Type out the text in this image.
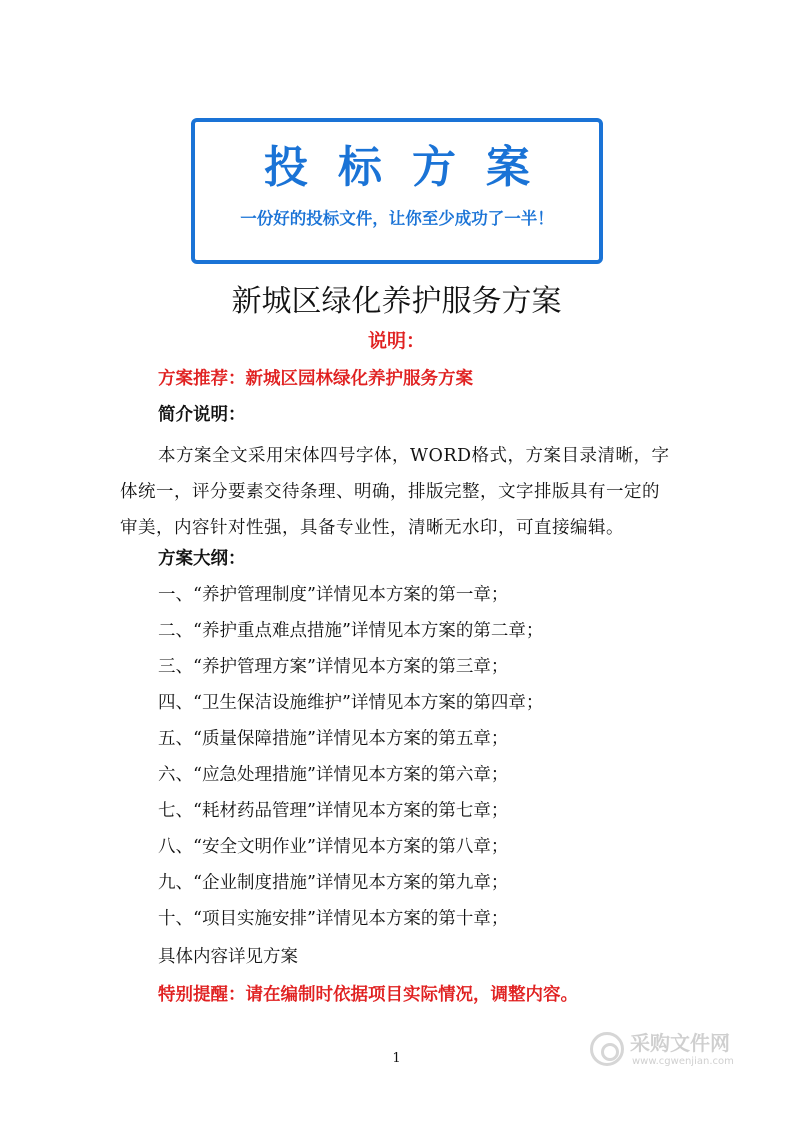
投标方案
一份好的投标文件，让你至少成功了一半！
新城区绿化养护服务方案
说明：
方案推荐：新城区园林绿化养护服务方案
简介说明：
本方案全文采用宋体四号字体，WORD格式，方案目录清晰，字体统一，评分要素交待条理、明确，排版完整，文字排版具有一定的审美，内容针对性强，具备专业性，清晰无水印，可直接编辑。
方案大纲：
一、“养护管理制度”详情见本方案的第一章；
二、“养护重点难点措施”详情见本方案的第二章；
三、“养护管理方案”详情见本方案的第三章；
四、“卫生保洁设施维护”详情见本方案的第四章；
五、“质量保障措施”详情见本方案的第五章；
六、“应急处理措施”详情见本方案的第六章；
七、“耗材药品管理”详情见本方案的第七章；
八、“安全文明作业”详情见本方案的第八章；
九、“企业制度措施”详情见本方案的第九章；
十、“项目实施安排”详情见本方案的第十章；
具体内容详见方案
特别提醒：请在编制时依据项目实际情况，调整内容。
1
采购文件网
www.cgwenjian.com
